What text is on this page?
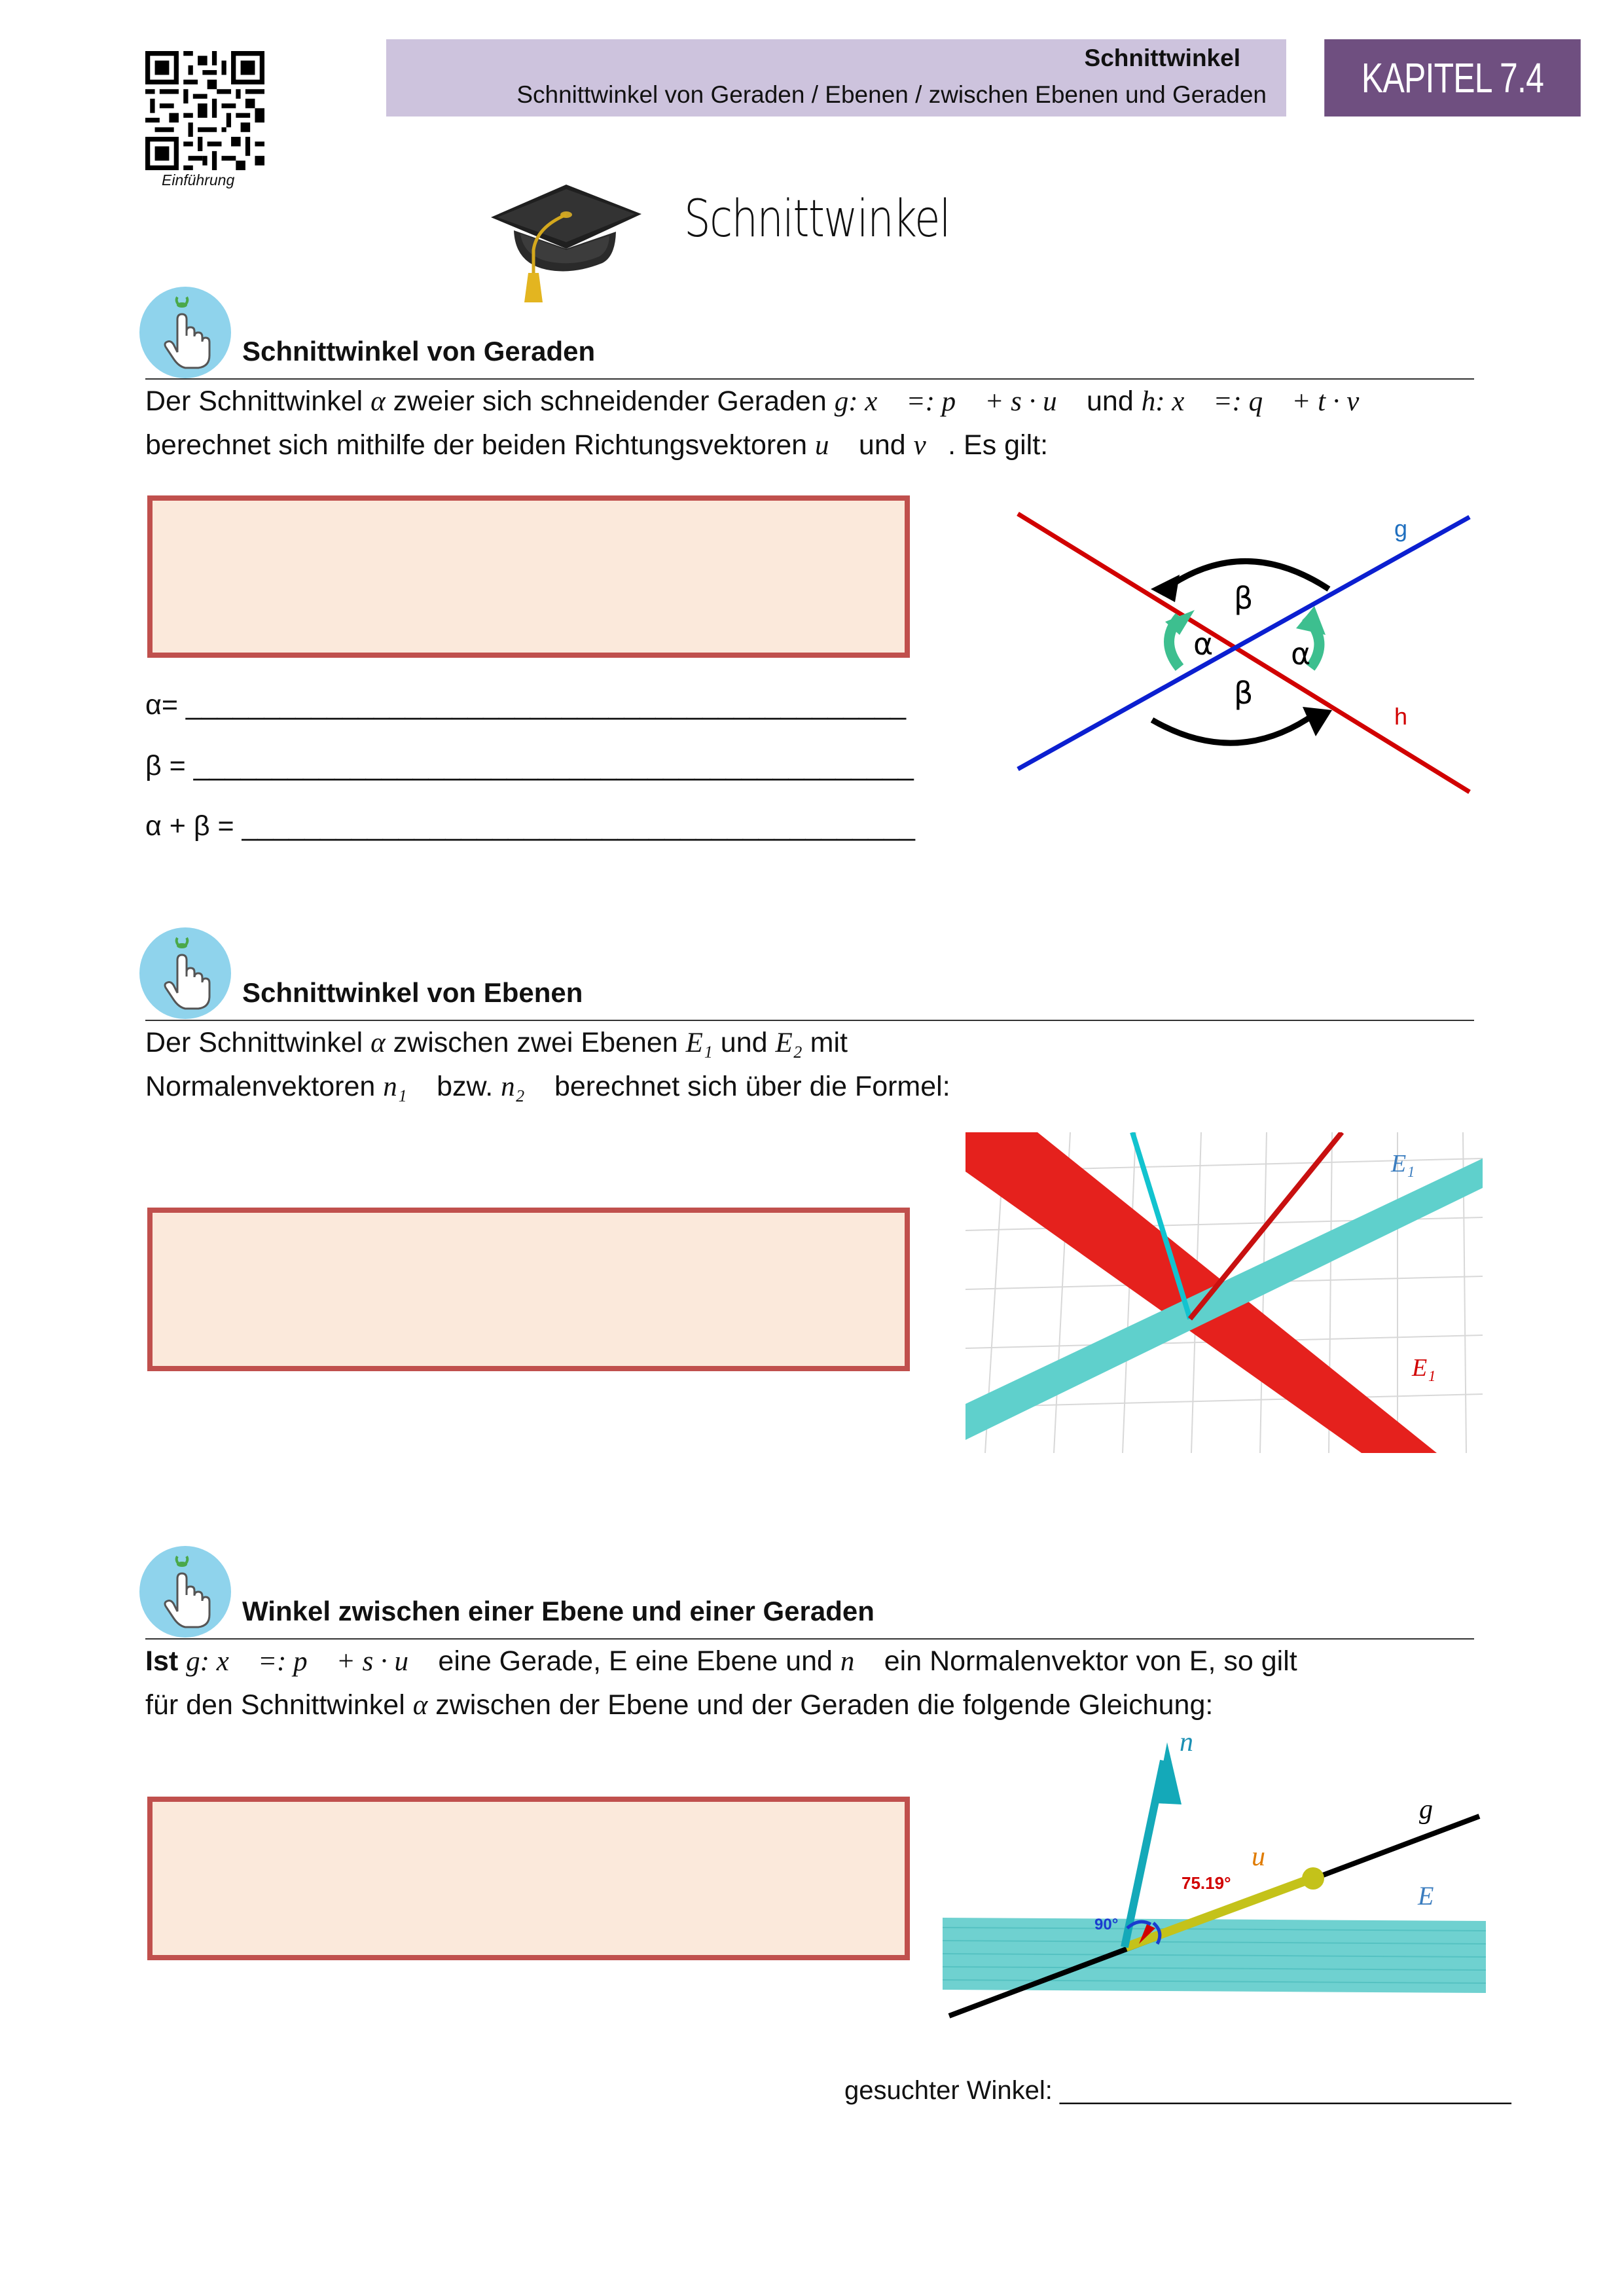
Einführung
Schnittwinkel
Schnittwinkel von Geraden / Ebenen / zwischen Ebenen und Geraden	KAPITEL 7.4
Schnittwinkel
Schnittwinkel von Geraden
Der Schnittwinkel α zweier sich schneidender Geraden g: x⃗ =: p⃗ + s · u⃗ und h: x⃗ =: q⃗ + t · v⃗
berechnet sich mithilfe der beiden Richtungsvektoren u⃗ und v⃗. Es gilt:
α= ______________________________________________
β = ______________________________________________
α + β = ___________________________________________
β
α	α
β
g
h
Schnittwinkel von Ebenen
Der Schnittwinkel α zwischen zwei Ebenen E₁ und E₂ mit
Normalenvektoren n₁⃗ bzw. n₂⃗ berechnet sich über die Formel:
E₁
E₁
Winkel zwischen einer Ebene und einer Geraden
Ist g: x⃗ =: p⃗ + s · u⃗ eine Gerade, E eine Ebene und n⃗ ein Normalenvektor von E, so gilt
für den Schnittwinkel α zwischen der Ebene und der Geraden die folgende Gleichung:
n⃗
g
u⃗
E
75.19°
90°
gesuchter Winkel: _______________________________
